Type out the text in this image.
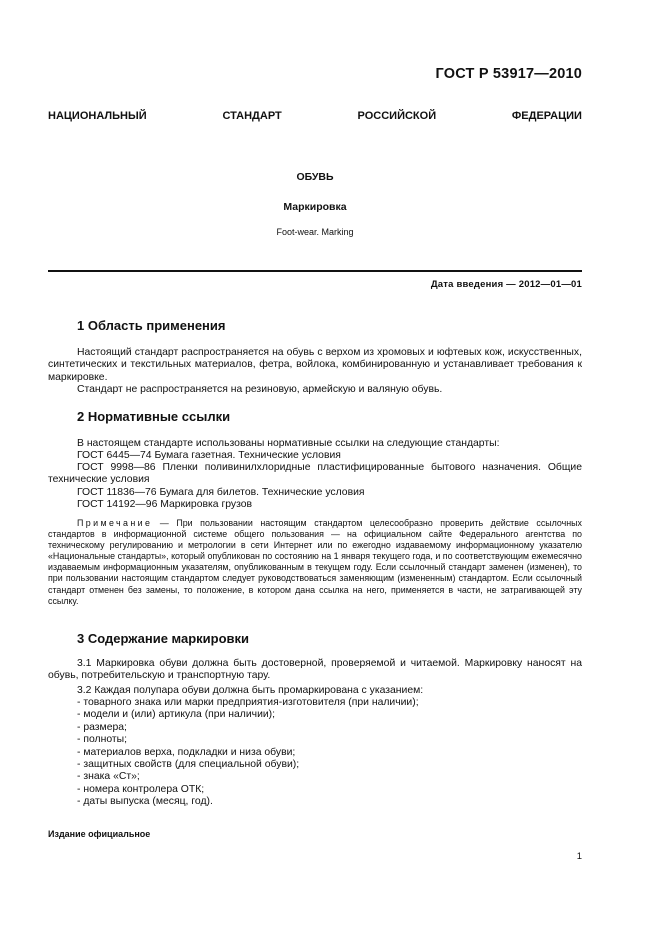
ГОСТ Р 53917—2010
НАЦИОНАЛЬНЫЙ	СТАНДАРТ	РОССИЙСКОЙ	ФЕДЕРАЦИИ
ОБУВЬ
Маркировка
Foot-wear. Marking
Дата введения — 2012—01—01
1 Область применения
Настоящий стандарт распространяется на обувь с верхом из хромовых и юфтевых кож, искусственных, синтетических и текстильных материалов, фетра, войлока, комбинированную и устанавливает требования к маркировке.
Стандарт не распространяется на резиновую, армейскую и валяную обувь.
2 Нормативные ссылки
В настоящем стандарте использованы нормативные ссылки на следующие стандарты:
ГОСТ 6445—74 Бумага газетная. Технические условия
ГОСТ 9998—86 Пленки поливинилхлоридные пластифицированные бытового назначения. Общие технические условия
ГОСТ 11836—76 Бумага для билетов. Технические условия
ГОСТ 14192—96 Маркировка грузов
Примечание — При пользовании настоящим стандартом целесообразно проверить действие ссылочных стандартов в информационной системе общего пользования — на официальном сайте Федерального агентства по техническому регулированию и метрологии в сети Интернет или по ежегодно издаваемому информационному указателю «Национальные стандарты», который опубликован по состоянию на 1 января текущего года, и по соответствующим ежемесячно издаваемым информационным указателям, опубликованным в текущем году. Если ссылочный стандарт заменен (изменен), то при пользовании настоящим стандартом следует руководствоваться заменяющим (измененным) стандартом. Если ссылочный стандарт отменен без замены, то положение, в котором дана ссылка на него, применяется в части, не затрагивающей эту ссылку.
3 Содержание маркировки
3.1 Маркировка обуви должна быть достоверной, проверяемой и читаемой. Маркировку наносят на обувь, потребительскую и транспортную тару.
3.2 Каждая полупара обуви должна быть промаркирована с указанием:
- товарного знака или марки предприятия-изготовителя (при наличии);
- модели и (или) артикула (при наличии);
- размера;
- полноты;
- материалов верха, подкладки и низа обуви;
- защитных свойств (для специальной обуви);
- знака «Ст»;
- номера контролера ОТК;
- даты выпуска (месяц, год).
Издание официальное
1
